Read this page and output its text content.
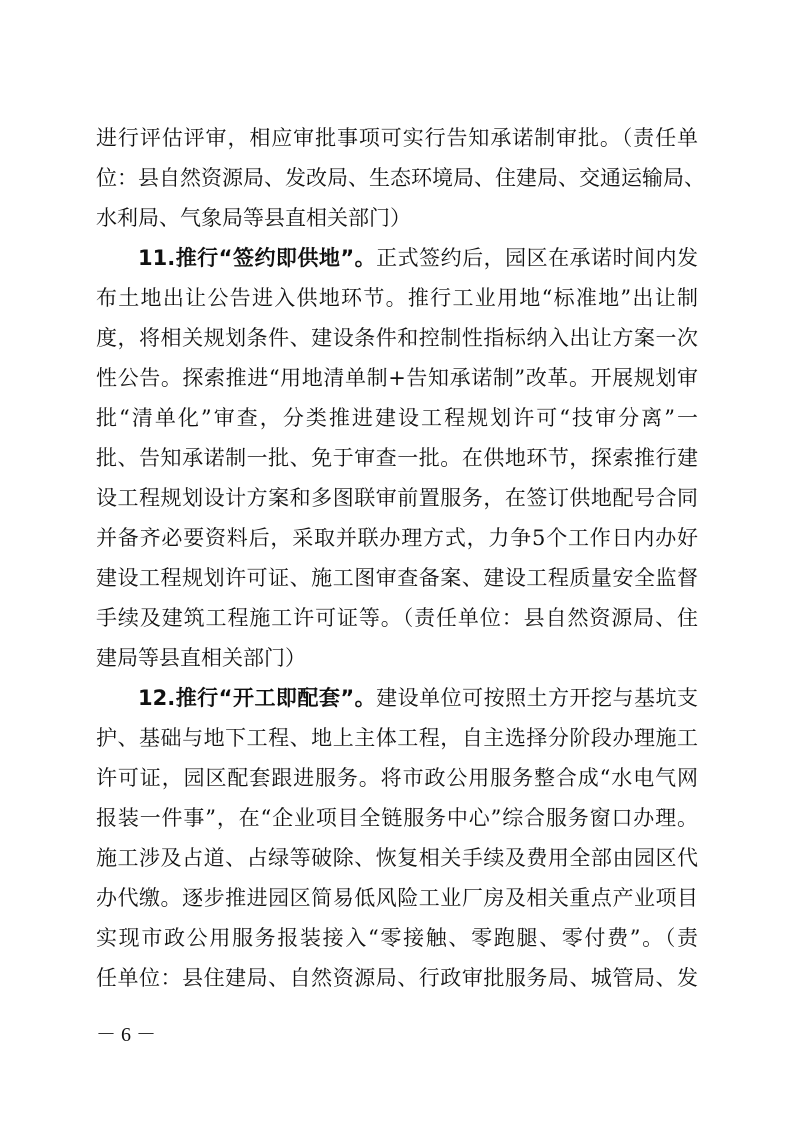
进行评估评审，相应审批事项可实行告知承诺制审批。（责任单
位：县自然资源局、发改局、生态环境局、住建局、交通运输局、
水利局、气象局等县直相关部门）
11.推行“签约即供地”。正式签约后，园区在承诺时间内发
布土地出让公告进入供地环节。推行工业用地“标准地”出让制
度，将相关规划条件、建设条件和控制性指标纳入出让方案一次
性公告。探索推进“用地清单制+告知承诺制”改革。开展规划审
批“清单化”审查，分类推进建设工程规划许可“技审分离”一
批、告知承诺制一批、免于审查一批。在供地环节，探索推行建
设工程规划设计方案和多图联审前置服务，在签订供地配号合同
并备齐必要资料后，采取并联办理方式，力争5个工作日内办好
建设工程规划许可证、施工图审查备案、建设工程质量安全监督
手续及建筑工程施工许可证等。（责任单位：县自然资源局、住
建局等县直相关部门）
12.推行“开工即配套”。建设单位可按照土方开挖与基坑支
护、基础与地下工程、地上主体工程，自主选择分阶段办理施工
许可证，园区配套跟进服务。将市政公用服务整合成“水电气网
报装一件事”，在“企业项目全链服务中心”综合服务窗口办理。
施工涉及占道、占绿等破除、恢复相关手续及费用全部由园区代
办代缴。逐步推进园区简易低风险工业厂房及相关重点产业项目
实现市政公用服务报装接入“零接触、零跑腿、零付费”。（责
任单位：县住建局、自然资源局、行政审批服务局、城管局、发
－ 6 －
